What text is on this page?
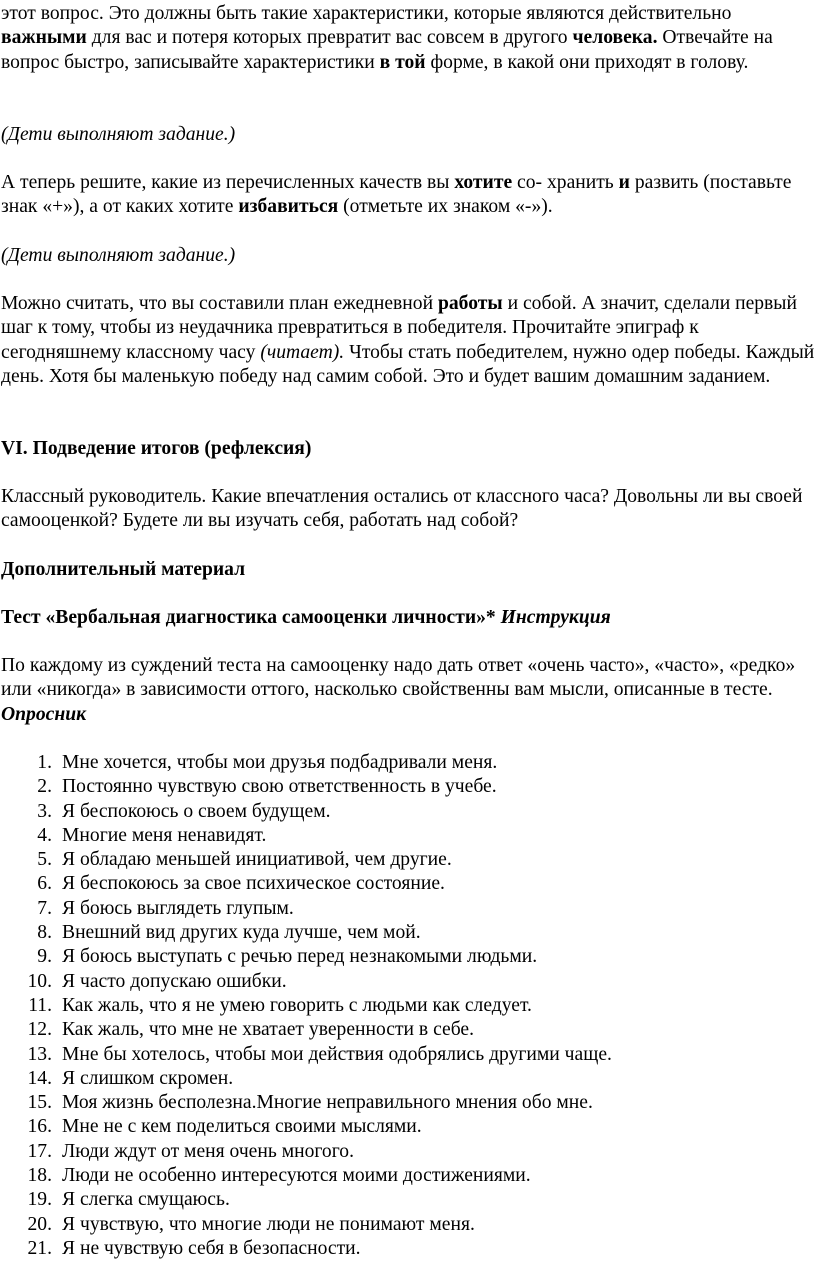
этот вопрос. Это должны быть такие характеристики, которые являются действительно важными для вас и потеря которых превратит вас совсем в другого человека. Отвечайте на вопрос быстро, записывайте характеристики в той форме, в какой они приходят в голову.

(Дети выполняют задание.)

А теперь решите, какие из перечисленных качеств вы хотите со- хранить и развить (поставьте знак «+»), а от каких хотите избавиться (отметьте их знаком «-»).

(Дети выполняют задание.)

Можно считать, что вы составили план ежедневной работы и собой. А значит, сделали первый шаг к тому, чтобы из неудачника превратиться в победителя. Прочитайте эпиграф к сегодняшнему классному часу (читает). Чтобы стать победителем, нужно одер победы. Каждый день. Хотя бы маленькую победу над самим собой. Это и будет вашим домашним заданием.

VI. Подведение итогов (рефлексия)

Классный руководитель. Какие впечатления остались от классного часа? Довольны ли вы своей самооценкой? Будете ли вы изучать себя, работать над собой?

Дополнительный материал

Тест «Вербальная диагностика самооценки личности»* Инструкция

По каждому из суждений теста на самооценку надо дать ответ «очень часто», «часто», «редко» или «никогда» в зависимости оттого, насколько свойственны вам мысли, описанные в тесте. Опросник

1. Мне хочется, чтобы мои друзья подбадривали меня.
2. Постоянно чувствую свою ответственность в учебе.
3. Я беспокоюсь о своем будущем.
4. Многие меня ненавидят.
5. Я обладаю меньшей инициативой, чем другие.
6. Я беспокоюсь за свое психическое состояние.
7. Я боюсь выглядеть глупым.
8. Внешний вид других куда лучше, чем мой.
9. Я боюсь выступать с речью перед незнакомыми людьми.
10. Я часто допускаю ошибки.
11. Как жаль, что я не умею говорить с людьми как следует.
12. Как жаль, что мне не хватает уверенности в себе.
13. Мне бы хотелось, чтобы мои действия одобрялись другими чаще.
14. Я слишком скромен.
15. Моя жизнь бесполезна.Многие неправильного мнения обо мне.
16. Мне не с кем поделиться своими мыслями.
17. Люди ждут от меня очень многого.
18. Люди не особенно интересуются моими достижениями.
19. Я слегка смущаюсь.
20. Я чувствую, что многие люди не понимают меня.
21. Я не чувствую себя в безопасности.
